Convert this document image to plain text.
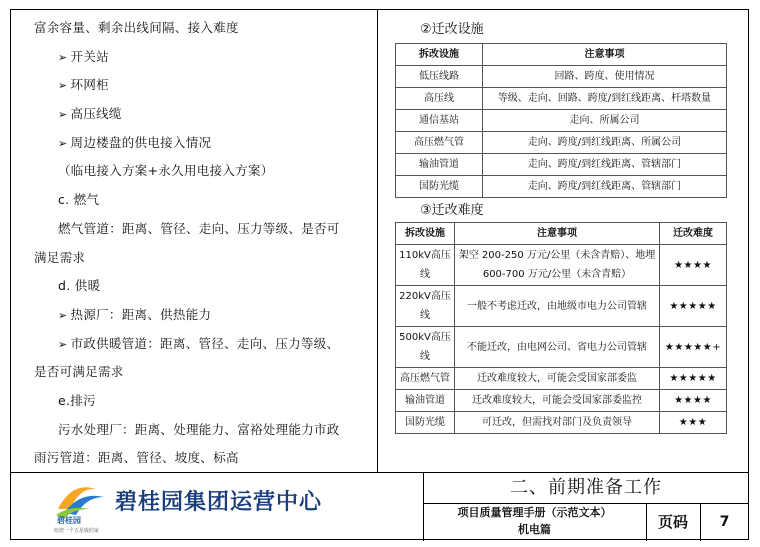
富余容量、剩余出线间隔、接入难度
➢ 开关站
➢ 环网柜
➢ 高压线缆
➢ 周边楼盘的供电接入情况
（临电接入方案+永久用电接入方案）
c. 燃气
燃气管道：距离、管径、走向、压力等级、是否可
满足需求
d. 供暖
➢ 热源厂：距离、供热能力
➢ 市政供暖管道：距离、管径、走向、压力等级、
是否可满足需求
e.排污
污水处理厂：距离、处理能力、富裕处理能力市政
雨污管道：距离、管径、坡度、标高
②迁改设施
拆改设施	注意事项
低压线路	回路、跨度、使用情况
高压线	等级、走向、回路、跨度/到红线距离、杆塔数量
通信基站	走向、所属公司
高压燃气管	走向、跨度/到红线距离、所属公司
输油管道	走向、跨度/到红线距离、管辖部门
国防光缆	走向、跨度/到红线距离、管辖部门
③迁改难度
拆改设施	注意事项	迁改难度
110kV高压线	架空 200-250 万元/公里（未含青赔）、地埋 600-700 万元/公里（未含青赔）	★★★★
220kV高压线	一般不考虑迁改，由地级市电力公司管辖	★★★★★
500kV高压线	不能迁改，由电网公司、省电力公司管辖	★★★★★+
高压燃气管	迁改难度较大，可能会受国家部委监	★★★★★
输油管道	迁改难度较大，可能会受国家部委监控	★★★★
国防光缆	可迁改，但需找对部门及负责领导	★★★
碧桂园
给您一个五星级的家
碧桂园集团运营中心
二、前期准备工作
项目质量管理手册（示范文本）
机电篇	页码	7
